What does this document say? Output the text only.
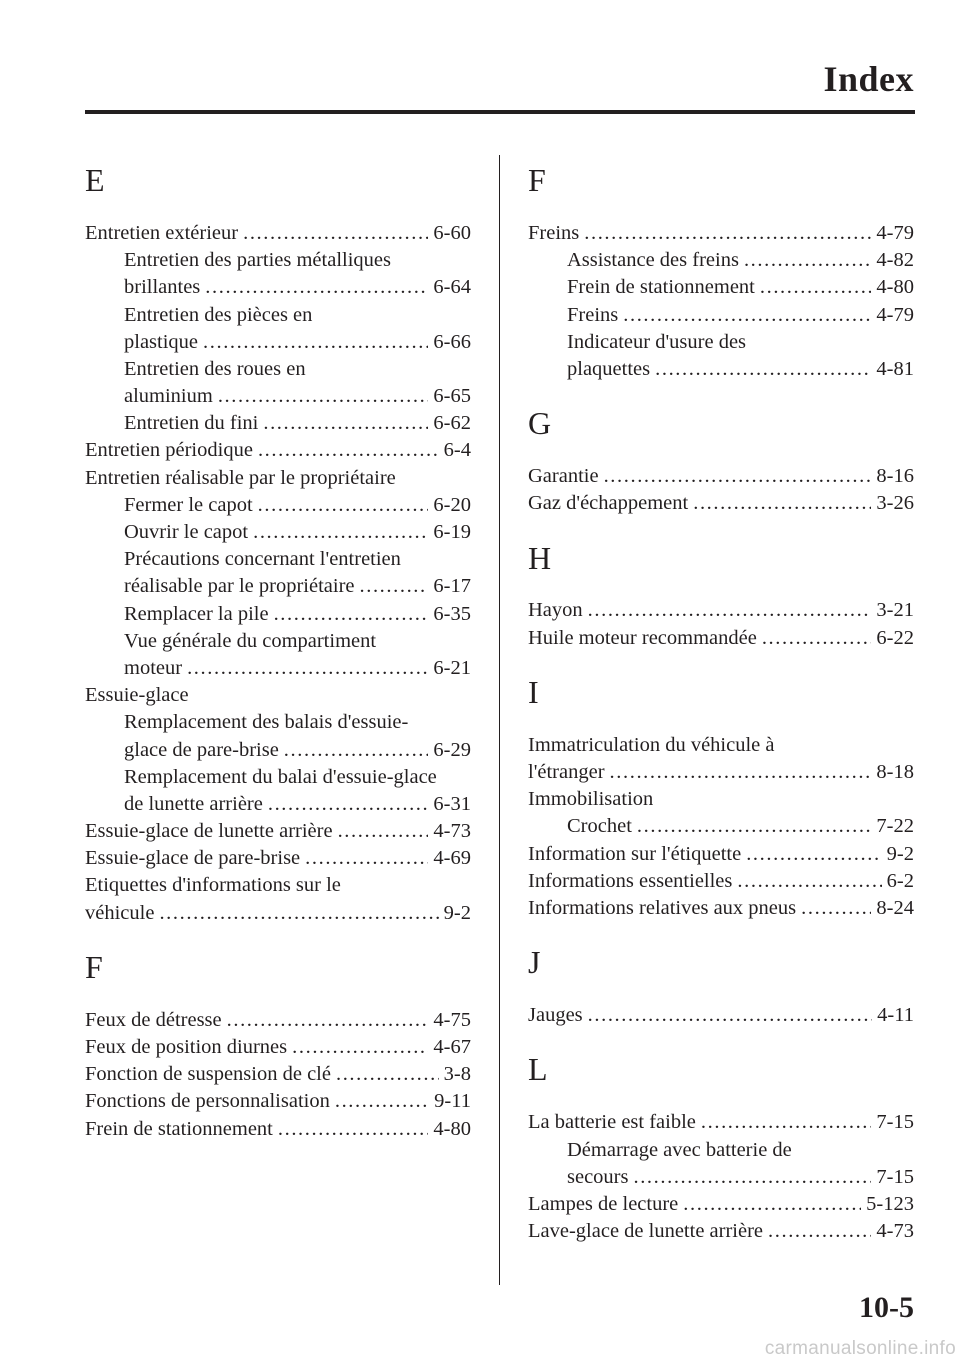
Index
E
Entretien extérieur .....	6-60
Entretien des parties métalliques
brillantes .....	6-64
Entretien des pièces en
plastique .....	6-66
Entretien des roues en
aluminium .....	6-65
Entretien du fini .....	6-62
Entretien périodique .....	6-4
Entretien réalisable par le propriétaire
Fermer le capot .....	6-20
Ouvrir le capot .....	6-19
Précautions concernant l'entretien
réalisable par le propriétaire .....	6-17
Remplacer la pile .....	6-35
Vue générale du compartiment
moteur .....	6-21
Essuie-glace
Remplacement des balais d'essuie-
glace de pare-brise .....	6-29
Remplacement du balai d'essuie-glace
de lunette arrière .....	6-31
Essuie-glace de lunette arrière .....	4-73
Essuie-glace de pare-brise .....	4-69
Etiquettes d'informations sur le
véhicule .....	9-2
F
Feux de détresse .....	4-75
Feux de position diurnes .....	4-67
Fonction de suspension de clé .....	3-8
Fonctions de personnalisation .....	9-11
Frein de stationnement .....	4-80
F
Freins .....	4-79
Assistance des freins .....	4-82
Frein de stationnement .....	4-80
Freins .....	4-79
Indicateur d'usure des
plaquettes .....	4-81
G
Garantie .....	8-16
Gaz d'échappement .....	3-26
H
Hayon .....	3-21
Huile moteur recommandée .....	6-22
I
Immatriculation du véhicule à
l'étranger .....	8-18
Immobilisation
Crochet .....	7-22
Information sur l'étiquette .....	9-2
Informations essentielles .....	6-2
Informations relatives aux pneus .....	8-24
J
Jauges .....	4-11
L
La batterie est faible .....	7-15
Démarrage avec batterie de
secours .....	7-15
Lampes de lecture .....	5-123
Lave-glace de lunette arrière .....	4-73
10-5
carmanualsonline.info
